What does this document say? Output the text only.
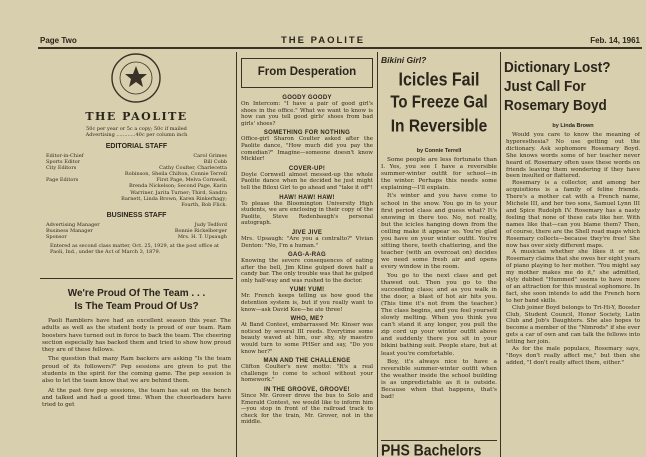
Page Two	THE PAOLITE	Feb. 14, 1961
THE PAOLITE
50c per year or 5c a copy; 50c if mailed
Advertising ............40c per column inch
EDITORIAL STAFF
Editor-in-Chief	Carol Grimes
Sports Editor	Bill Cobb
City Editors	Cathy Coulter, Charlecetta
Robinson, Sheila Chilton, Connie Terrell
Page Editors	First Page, Melva Cornwell,
Brenda Nickelson; Second Page, Karin
Warriner, Jarita Turner; Third, Sandra
Barnett, Linda Brown, Karen Rinkerhagy;
Fourth, Bob Flick.
BUSINESS STAFF
Advertising Manager	Judy Tedford
Business Manager	Bonnie Rickelberger
Sponsor	Mrs. H. T. Upsaugh
Entered as second class matter, Oct. 25, 1929, at the post office at Paoli, Ind., under the Act of March 3, 1879.
We're Proud Of The Team . . .
Is The Team Proud Of Us?

Paoli Ramblers have had an excellent season this year. The adults as well as the student body is proud of our team. Ram boosters have turned out in force to back the team. The cheering section especially has backed them and tried to show how proud they are of these fellows.

The question that many Ram backers are asking "Is the team proud of its followers?" Pep sessions are given to put the students in the spirit for the coming game. The pep session is also to let the team know that we are behind them.

At the past few pep sessions, the team has sat on the bench and talked and had a good time. When the cheerleaders have tried to get

From Desperation
GOODY GOODY

On Intercom: "I have a pair of good girl's shoes in the office." What we want to know is how can you tell good girls' shoes from bad girls' shoes?

SOMETHING FOR NOTHING

Office-girl Sharon Coulter asked after the Paolite dance, "How much did you pay the comedian?" Imagine—someone doesn't know Mickler!

COVER-UP!

Doyle Cornwell almost messed-up the whole Paolite dance when he decided he just might tell the Biloxi Girl to go ahead and "take it off"!

HAW! HAW! HAW!

To please the Bloomington University High students, we are enclosing in their copy of the Paolite, Steve Redenbaugh's personal autograph.

JIVE JIVE

Mrs. Upsaugh: "Are you a contralto?" Vivian Denton: "No, I'm a human."

GAG-A-RAG

Knowing the severe consequences of eating after the bell, Jim Kline gulped down half a candy bar. The only trouble was that he gulped only half-way and was rushed to the doctor.

YUM! YUM!

Mr. French keeps telling us how good the detention system is, but if you really want to know—ask David Kee—he ate three!

WHO, ME?

At Band Contest, embarrassed Mr. Kinser was noticed by several III reeds. Everytime some beauty waved at him, our shy, sly maestro would turn to some PHSer and say, "Do you know her?"

MAN AND THE CHALLENGE

Clifton Coulter's new motto: "It's a real challenge to come to school without your homework."

IN THE GROOVE, GROOVE!

Since Mr. Grover drove the bus to Solo and Emerald Contest, we would like to inform him—you stop in front of the railroad track to check for the train, Mr. Grover, not in the middle.

Bikini Girl?
Icicles Fail
To Freeze Gal
In Reversible
by Connie Terrell

Some people are less fortunate than I. Yes, you see I have a reversible summer-winter outfit for school—in the winter. Perhaps this needs some explaining—I'll explain.

It's winter and you have come to school in the snow. You go in to your first period class and guess what? It's snowing in there too. No, not really, but the icicles hanging down from the ceiling make it appear so. You're glad you have on your winter outfit. You're sitting there, teeth chattering, and the teacher (with an overcoat on) decides we need some fresh air and opens every window in the room.

You go to the next class and get thawed out. Then you go to the succeeding class; and as you walk in the door, a blast of hot air hits you. (This time it's not from the teacher.) The class begins, and you feel yourself slowly melting. When you think you can't stand it any longer, you pull the zip cord up your winter outfit above and suddenly there you sit in your bikini bathing suit. People stare, but at least you're comfortable.

Boy, it's always nice to have a reversible summer-winter outfit when the weather inside the school building is as unpredictable as it is outside. Because when that happens, that's bad!

PHS Bachelors
Dictionary Lost?
Just Call For
Rosemary Boyd
by Linda Brown

Would you care to know the meaning of hyperesthesia? No use getting out the dictionary. Ask sophomore Rosemary Boyd. She knows words some of her teacher never heard of. Rosemary often uses these words on friends leaving them wondering if they have been insulted or flattered.

Rosemary is a collector, and among her acquisitions is a family of feline friends. There's a mother cat with a French name, Michele III, and her two sons, Samuel Lynn III and Spice Rudolph IV. Rosemary has a nasty feeling that none of these cats like her. With names like that—can you blame them? Then, of course, there are the Shell road maps which Rosemary collects—because they're free! She now has over sixty different maps.

A musician whether she likes it or not, Rosemary claims that she owes her eight years of piano playing to her mother. "You might say my mother makes me do it," she admitted, slyly dubbed "Hummed" seems to have more of an attraction for this musical sophomore. In fact, she soon intends to add the French horn to her band skills.

Club joiner Boyd belongs to Tri-Hi-Y, Booster Club, Student Council, Honor Society, Latin Club and Job's Daughters. She also hopes to become a member of the "Nimrods" if she ever gets a car of own and can talk the fellows into letting her join.

As for the male populace, Rosemary says, "Boys don't really affect me," but then she added, "I don't really affect them, either."
